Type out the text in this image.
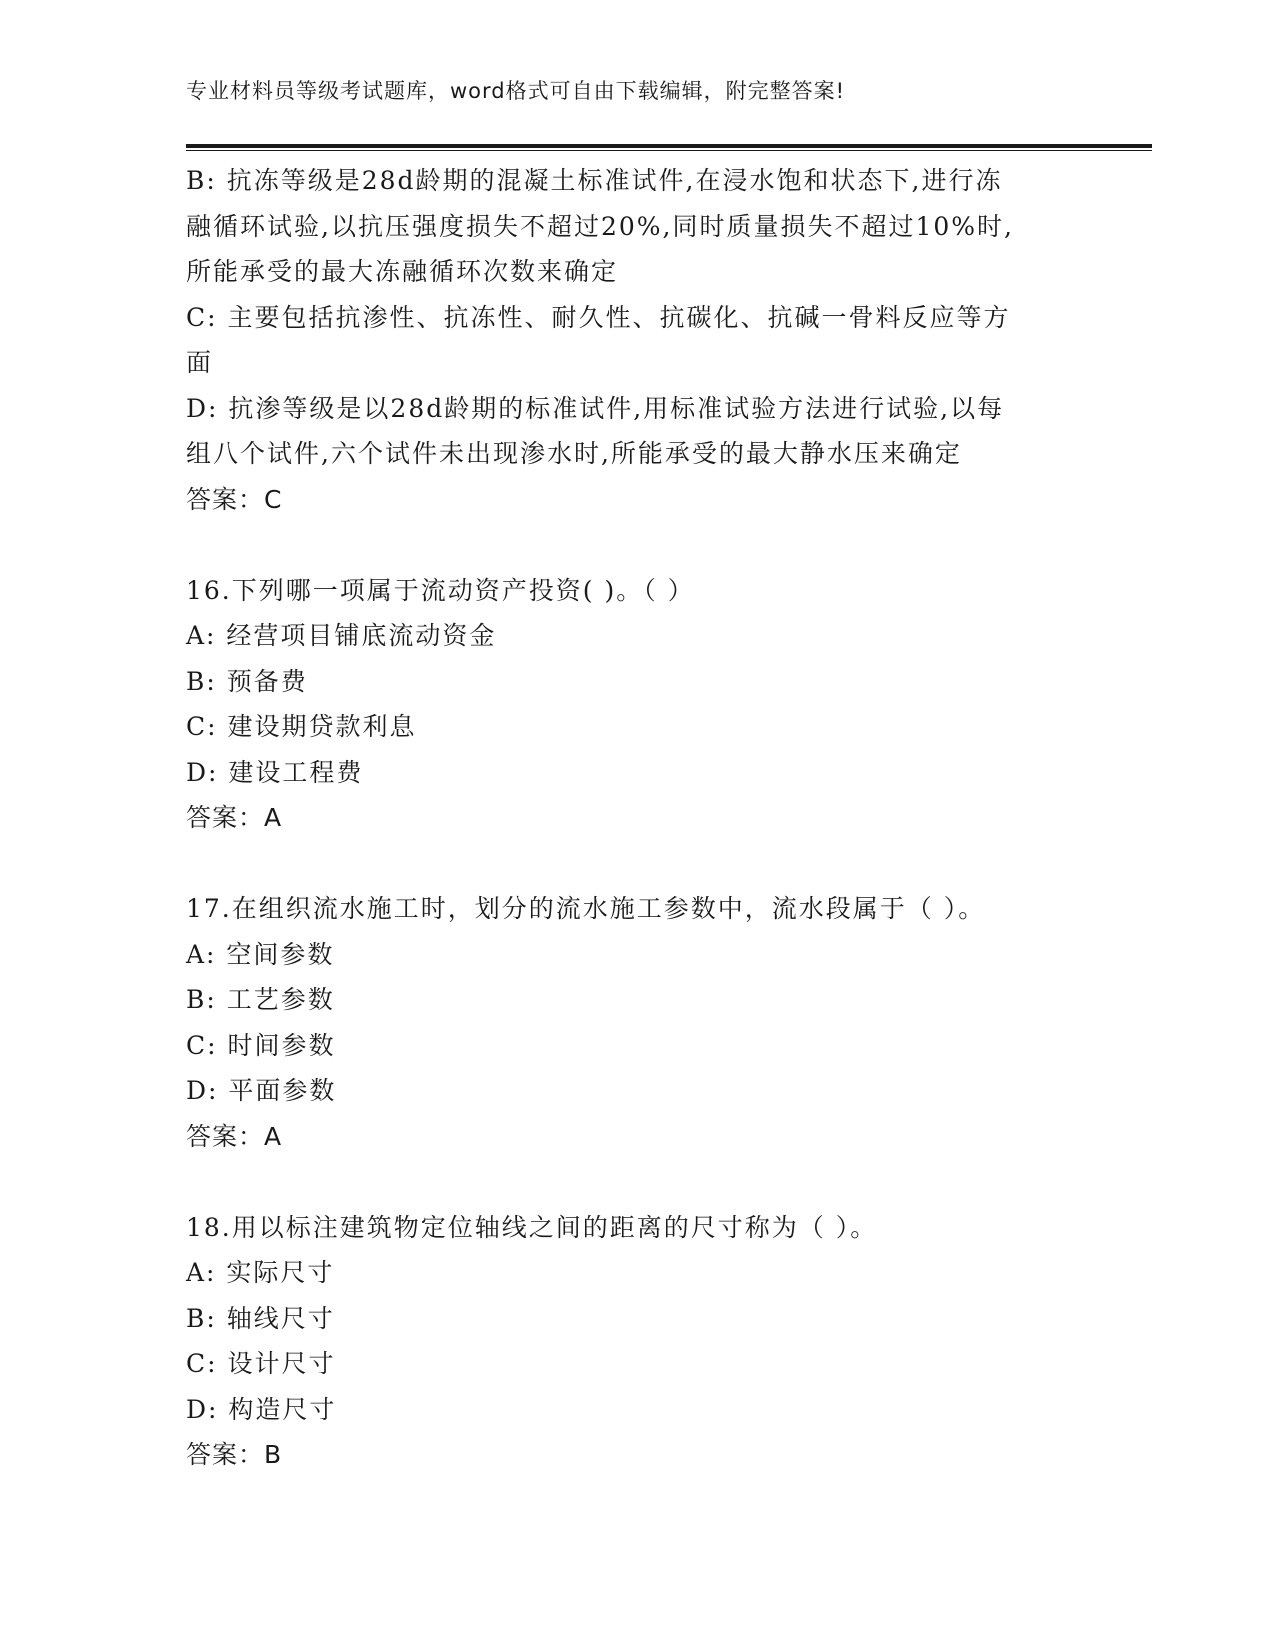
专业材料员等级考试题库，word格式可自由下载编辑，附完整答案!
B: 抗冻等级是28d龄期的混凝土标准试件,在浸水饱和状态下,进行冻
融循环试验,以抗压强度损失不超过20%,同时质量损失不超过10%时,
所能承受的最大冻融循环次数来确定
C: 主要包括抗渗性、抗冻性、耐久性、抗碳化、抗碱一骨料反应等方
面
D: 抗渗等级是以28d龄期的标准试件,用标准试验方法进行试验,以每
组八个试件,六个试件未出现渗水时,所能承受的最大静水压来确定
答案：C
16.下列哪一项属于流动资产投资( )。（ ）
A: 经营项目铺底流动资金
B: 预备费
C: 建设期贷款利息
D: 建设工程费
答案：A
17.在组织流水施工时，划分的流水施工参数中，流水段属于（ ）。
A: 空间参数
B: 工艺参数
C: 时间参数
D: 平面参数
答案：A
18.用以标注建筑物定位轴线之间的距离的尺寸称为（ ）。
A: 实际尺寸
B: 轴线尺寸
C: 设计尺寸
D: 构造尺寸
答案：B
